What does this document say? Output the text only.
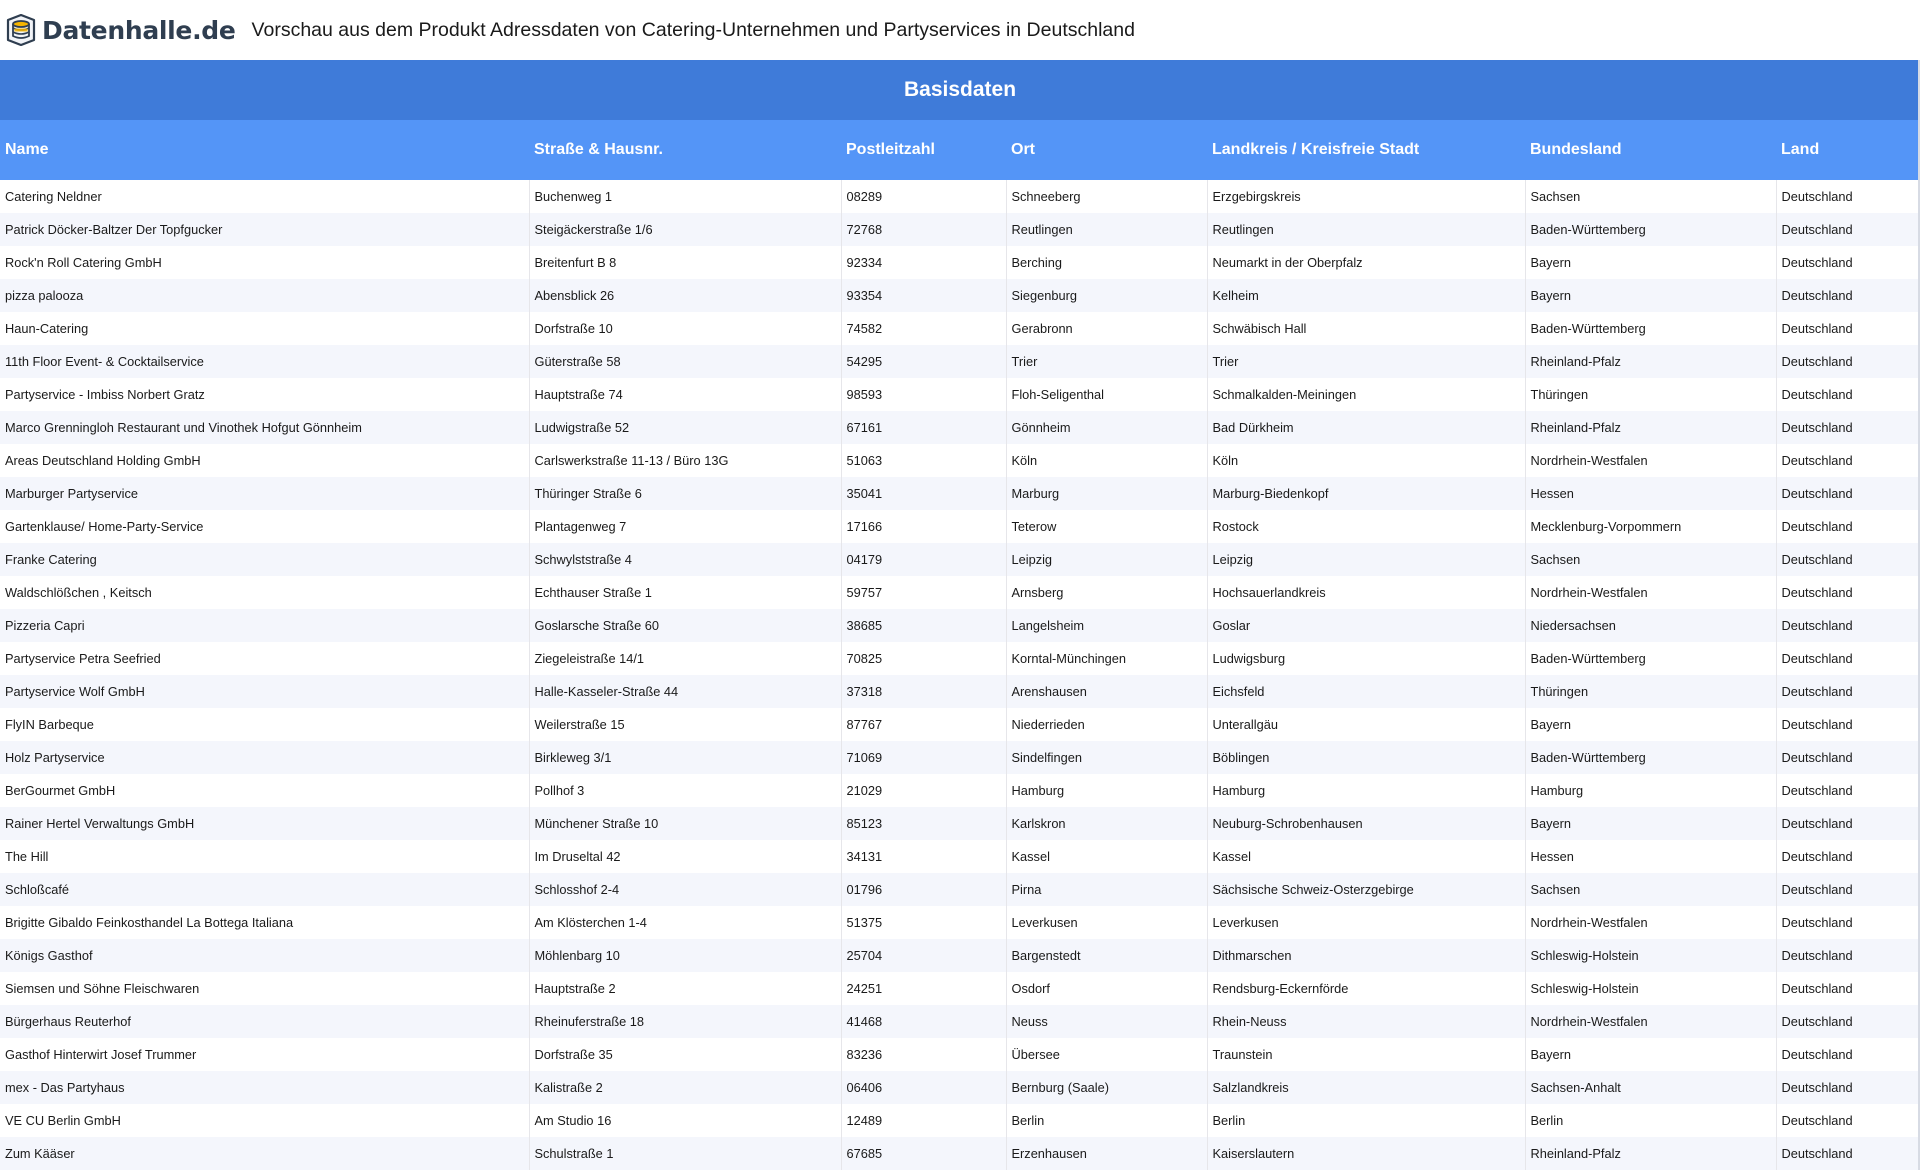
Datenhalle.de Vorschau aus dem Produkt Adressdaten von Catering-Unternehmen und Partyservices in Deutschland
Basisdaten						
Name	Straße & Hausnr.	Postleitzahl	Ort	Landkreis / Kreisfreie Stadt	Bundesland	Land
Catering Neldner	Buchenweg 1	08289	Schneeberg	Erzgebirgskreis	Sachsen	Deutschland
Patrick Döcker-Baltzer Der Topfgucker	Steigäckerstraße 1/6	72768	Reutlingen	Reutlingen	Baden-Württemberg	Deutschland
Rock'n Roll Catering GmbH	Breitenfurt B 8	92334	Berching	Neumarkt in der Oberpfalz	Bayern	Deutschland
pizza palooza	Abensblick 26	93354	Siegenburg	Kelheim	Bayern	Deutschland
Haun-Catering	Dorfstraße 10	74582	Gerabronn	Schwäbisch Hall	Baden-Württemberg	Deutschland
11th Floor Event- & Cocktailservice	Güterstraße 58	54295	Trier	Trier	Rheinland-Pfalz	Deutschland
Partyservice - Imbiss Norbert Gratz	Hauptstraße 74	98593	Floh-Seligenthal	Schmalkalden-Meiningen	Thüringen	Deutschland
Marco Grenningloh Restaurant und Vinothek Hofgut Gönnheim	Ludwigstraße 52	67161	Gönnheim	Bad Dürkheim	Rheinland-Pfalz	Deutschland
Areas Deutschland Holding GmbH	Carlswerkstraße 11-13 / Büro 13G	51063	Köln	Köln	Nordrhein-Westfalen	Deutschland
Marburger Partyservice	Thüringer Straße 6	35041	Marburg	Marburg-Biedenkopf	Hessen	Deutschland
Gartenklause/ Home-Party-Service	Plantagenweg 7	17166	Teterow	Rostock	Mecklenburg-Vorpommern	Deutschland
Franke Catering	Schwylststraße 4	04179	Leipzig	Leipzig	Sachsen	Deutschland
Waldschlößchen , Keitsch	Echthauser Straße 1	59757	Arnsberg	Hochsauerlandkreis	Nordrhein-Westfalen	Deutschland
Pizzeria Capri	Goslarsche Straße 60	38685	Langelsheim	Goslar	Niedersachsen	Deutschland
Partyservice Petra Seefried	Ziegeleistraße 14/1	70825	Korntal-Münchingen	Ludwigsburg	Baden-Württemberg	Deutschland
Partyservice Wolf GmbH	Halle-Kasseler-Straße 44	37318	Arenshausen	Eichsfeld	Thüringen	Deutschland
FlyIN Barbeque	Weilerstraße 15	87767	Niederrieden	Unterallgäu	Bayern	Deutschland
Holz Partyservice	Birkleweg 3/1	71069	Sindelfingen	Böblingen	Baden-Württemberg	Deutschland
BerGourmet GmbH	Pollhof 3	21029	Hamburg	Hamburg	Hamburg	Deutschland
Rainer Hertel Verwaltungs GmbH	Münchener Straße 10	85123	Karlskron	Neuburg-Schrobenhausen	Bayern	Deutschland
The Hill	Im Druseltal 42	34131	Kassel	Kassel	Hessen	Deutschland
Schloßcafé	Schlosshof 2-4	01796	Pirna	Sächsische Schweiz-Osterzgebirge	Sachsen	Deutschland
Brigitte Gibaldo Feinkosthandel La Bottega Italiana	Am Klösterchen 1-4	51375	Leverkusen	Leverkusen	Nordrhein-Westfalen	Deutschland
Königs Gasthof	Möhlenbarg 10	25704	Bargenstedt	Dithmarschen	Schleswig-Holstein	Deutschland
Siemsen und Söhne Fleischwaren	Hauptstraße 2	24251	Osdorf	Rendsburg-Eckernförde	Schleswig-Holstein	Deutschland
Bürgerhaus Reuterhof	Rheinuferstraße 18	41468	Neuss	Rhein-Neuss	Nordrhein-Westfalen	Deutschland
Gasthof Hinterwirt Josef Trummer	Dorfstraße 35	83236	Übersee	Traunstein	Bayern	Deutschland
mex - Das Partyhaus	Kalistraße 2	06406	Bernburg (Saale)	Salzlandkreis	Sachsen-Anhalt	Deutschland
VE CU Berlin GmbH	Am Studio 16	12489	Berlin	Berlin	Berlin	Deutschland
Zum Kääser	Schulstraße 1	67685	Erzenhausen	Kaiserslautern	Rheinland-Pfalz	Deutschland
